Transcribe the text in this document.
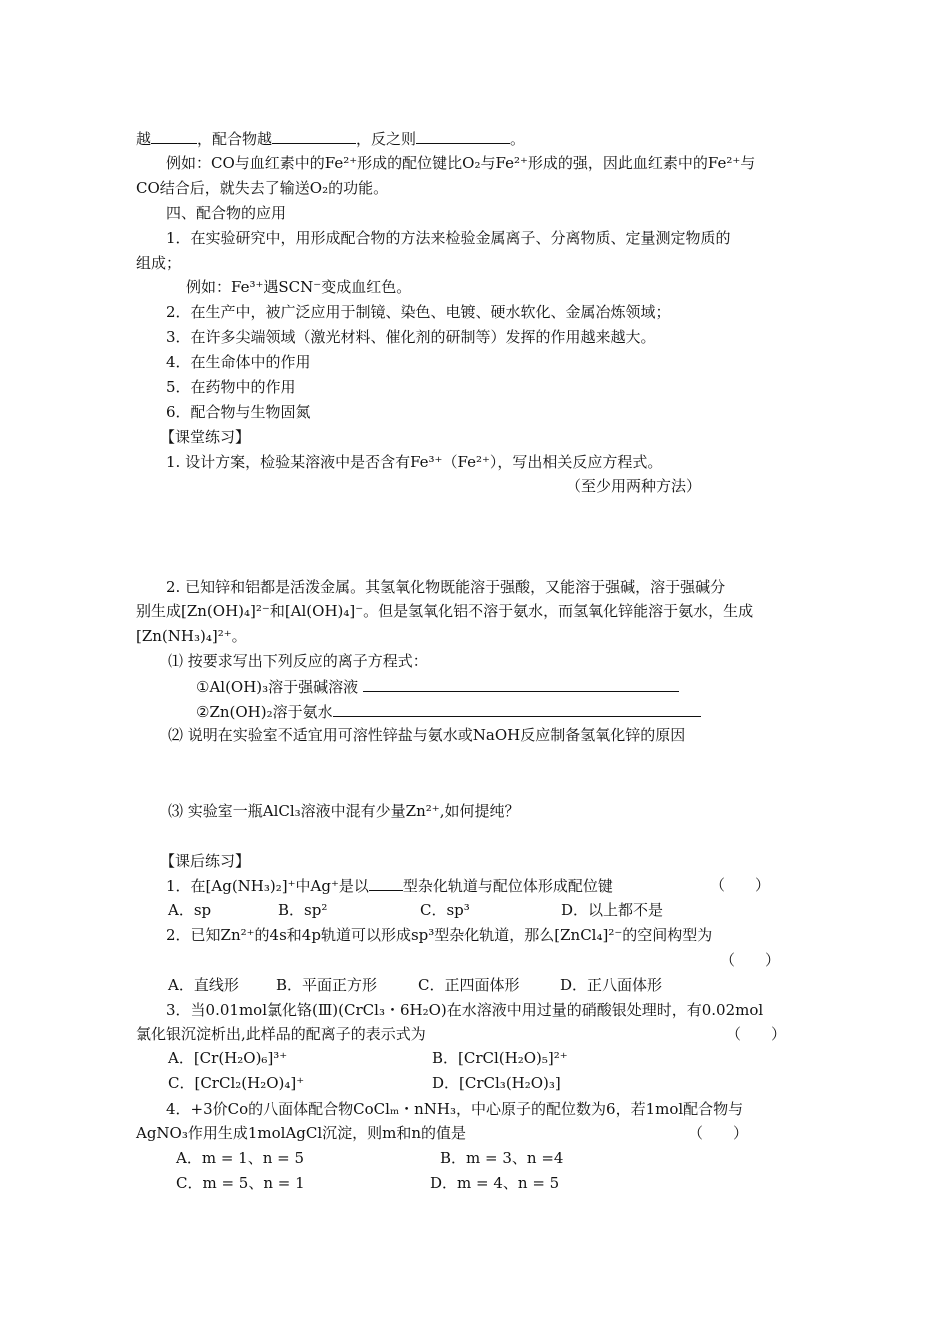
越	，配合物越	，反之则	。
例如：CO与血红素中的Fe²⁺形成的配位键比O₂与Fe²⁺形成的强，因此血红素中的Fe²⁺与
CO结合后，就失去了输送O₂的功能。
四、配合物的应用
1．在实验研究中，用形成配合物的方法来检验金属离子、分离物质、定量测定物质的
组成；
例如：Fe³⁺遇SCN⁻变成血红色。
2．在生产中，被广泛应用于制镜、染色、电镀、硬水软化、金属冶炼领域；
3．在许多尖端领域（激光材料、催化剂的研制等）发挥的作用越来越大。
4．在生命体中的作用
5．在药物中的作用
6．配合物与生物固氮
【课堂练习】
1. 设计方案，检验某溶液中是否含有Fe³⁺（Fe²⁺），写出相关反应方程式。
（至少用两种方法）
2. 已知锌和铝都是活泼金属。其氢氧化物既能溶于强酸，又能溶于强碱，溶于强碱分
别生成[Zn(OH)₄]²⁻和[Al(OH)₄]⁻。但是氢氧化铝不溶于氨水，而氢氧化锌能溶于氨水，生成
[Zn(NH₃)₄]²⁺。
⑴ 按要求写出下列反应的离子方程式：
①Al(OH)₃溶于强碱溶液
②Zn(OH)₂溶于氨水
⑵ 说明在实验室不适宜用可溶性锌盐与氨水或NaOH反应制备氢氧化锌的原因
⑶ 实验室一瓶AlCl₃溶液中混有少量Zn²⁺,如何提纯？
【课后练习】
1．在[Ag(NH₃)₂]⁺中Ag⁺是以 型杂化轨道与配位体形成配位键	（　　）
A．sp	B．sp²	C．sp³	D．以上都不是
2．已知Zn²⁺的4s和4p轨道可以形成sp³型杂化轨道，那么[ZnCl₄]²⁻的空间构型为
（　　）
A．直线形 B．平面正方形	C．正四面体形	D．正八面体形
3．当0.01mol氯化铬(Ⅲ)(CrCl₃・6H₂O)在水溶液中用过量的硝酸银处理时，有0.02mol
氯化银沉淀析出,此样品的配离子的表示式为	（　　）
A．[Cr(H₂O)₆]³⁺	B．[CrCl(H₂O)₅]²⁺
C．[CrCl₂(H₂O)₄]⁺	D．[CrCl₃(H₂O)₃]
4．+3价Co的八面体配合物CoClₘ・nNH₃，中心原子的配位数为6，若1mol配合物与
AgNO₃作用生成1molAgCl沉淀，则m和n的值是	（　　）
A．m = 1、n = 5	B．m = 3、n =4
C．m = 5、n = 1	D．m = 4、n = 5
